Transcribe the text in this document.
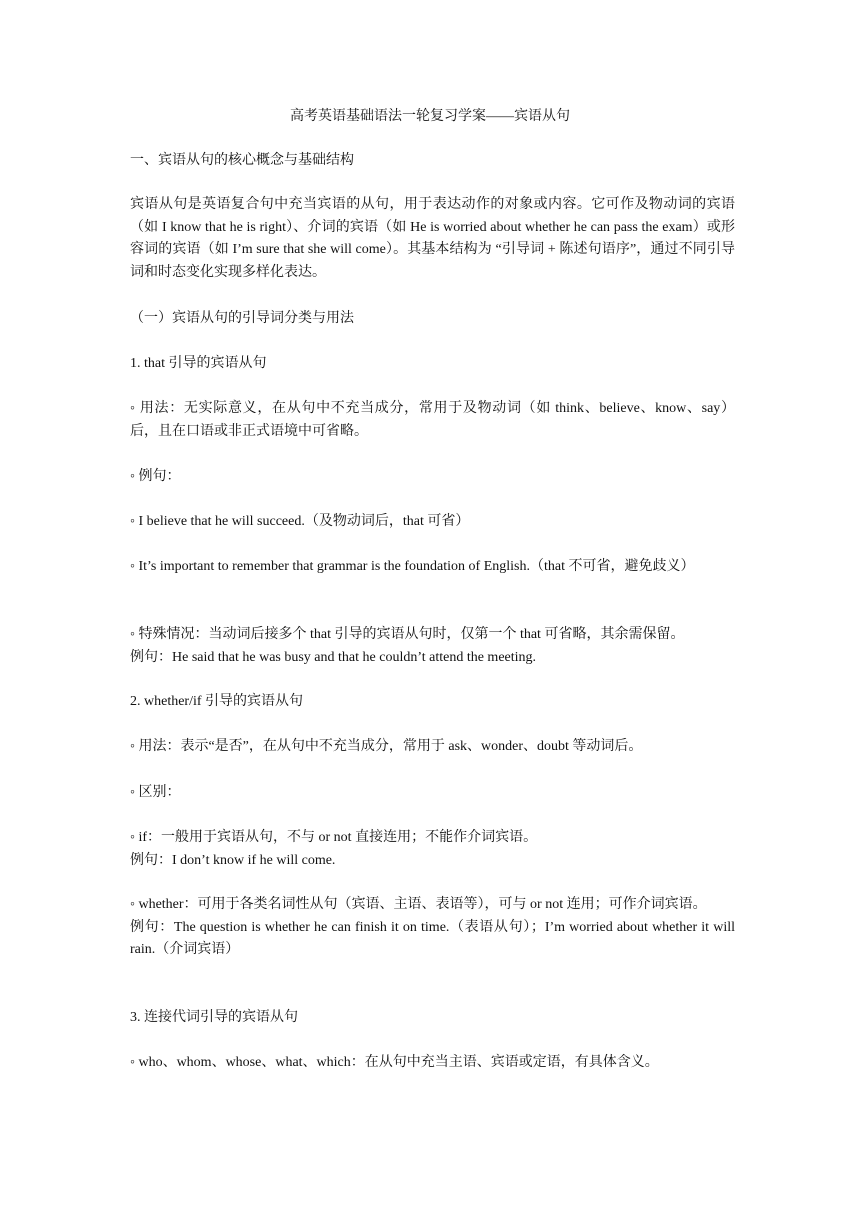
高考英语基础语法一轮复习学案——宾语从句
一、宾语从句的核心概念与基础结构
宾语从句是英语复合句中充当宾语的从句，用于表达动作的对象或内容。它可作及物动词的宾语（如 I know that he is right）、介词的宾语（如 He is worried about whether he can pass the exam）或形容词的宾语（如 I’m sure that she will come）。其基本结构为 “引导词 + 陈述句语序”，通过不同引导词和时态变化实现多样化表达。
（一）宾语从句的引导词分类与用法
1. that 引导的宾语从句
◦ 用法：无实际意义，在从句中不充当成分，常用于及物动词（如 think、believe、know、say）后，且在口语或非正式语境中可省略。
◦ 例句：
◦ I believe that he will succeed.（及物动词后，that 可省）
◦ It’s important to remember that grammar is the foundation of English.（that 不可省，避免歧义）
◦ 特殊情况：当动词后接多个 that 引导的宾语从句时，仅第一个 that 可省略，其余需保留。
例句：He said that he was busy and that he couldn’t attend the meeting.
2. whether/if 引导的宾语从句
◦ 用法：表示“是否”，在从句中不充当成分，常用于 ask、wonder、doubt 等动词后。
◦ 区别：
◦ if：一般用于宾语从句，不与 or not 直接连用；不能作介词宾语。
例句：I don’t know if he will come.
◦ whether：可用于各类名词性从句（宾语、主语、表语等），可与 or not 连用；可作介词宾语。
例句：The question is whether he can finish it on time.（表语从句）；I’m worried about whether it will rain.（介词宾语）
3. 连接代词引导的宾语从句
◦ who、whom、whose、what、which：在从句中充当主语、宾语或定语，有具体含义。
